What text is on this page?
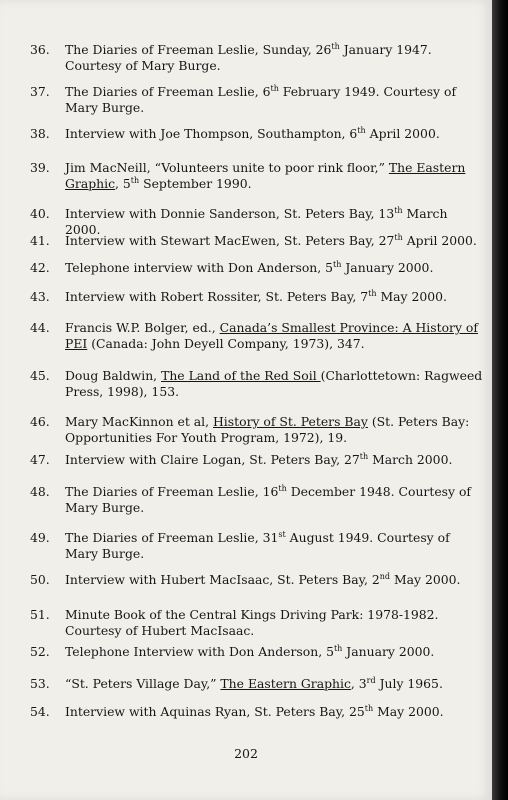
36.	The Diaries of Freeman Leslie, Sunday, 26th January 1947. Courtesy of Mary Burge.
37.	The Diaries of Freeman Leslie, 6th February 1949. Courtesy of Mary Burge.
38.	Interview with Joe Thompson, Southampton, 6th April 2000.
39.	Jim MacNeill, “Volunteers unite to poor rink floor,” The Eastern Graphic, 5th September 1990.
40.	Interview with Donnie Sanderson, St. Peters Bay, 13th March 2000.
41.	Interview with Stewart MacEwen, St. Peters Bay, 27th April 2000.
42.	Telephone interview with Don Anderson, 5th January 2000.
43.	Interview with Robert Rossiter, St. Peters Bay, 7th May 2000.
44.	Francis W.P. Bolger, ed., Canada’s Smallest Province: A History of PEI (Canada: John Deyell Company, 1973), 347.
45.	Doug Baldwin, The Land of the Red Soil (Charlottetown: Ragweed Press, 1998), 153.
46.	Mary MacKinnon et al, History of St. Peters Bay (St. Peters Bay: Opportunities For Youth Program, 1972), 19.
47.	Interview with Claire Logan, St. Peters Bay, 27th March 2000.
48.	The Diaries of Freeman Leslie, 16th December 1948. Courtesy of Mary Burge.
49.	The Diaries of Freeman Leslie, 31st August 1949. Courtesy of Mary Burge.
50.	Interview with Hubert MacIsaac, St. Peters Bay, 2nd May 2000.
51.	Minute Book of the Central Kings Driving Park: 1978-1982. Courtesy of Hubert MacIsaac.
52.	Telephone Interview with Don Anderson, 5th January 2000.
53.	“St. Peters Village Day,” The Eastern Graphic, 3rd July 1965.
54.	Interview with Aquinas Ryan, St. Peters Bay, 25th May 2000.
202
